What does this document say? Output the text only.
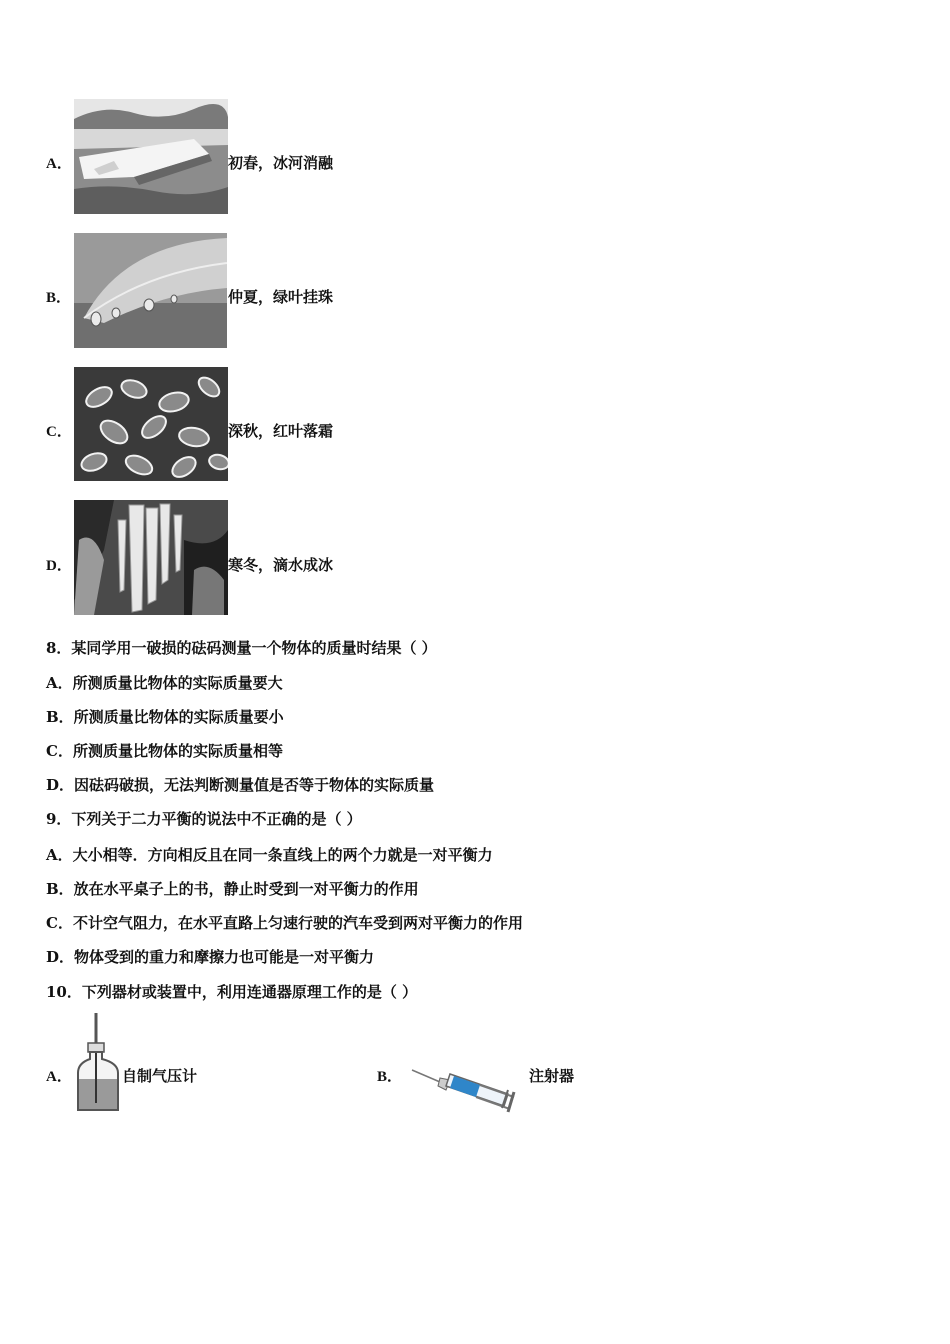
A．	初春，冰河消融
B．	仲夏，绿叶挂珠
C．	深秋，红叶落霜
D．	寒冬，滴水成冰
8．某同学用一破损的砝码测量一个物体的质量时结果（ ）
A．所测质量比物体的实际质量要大
B．所测质量比物体的实际质量要小
C．所测质量比物体的实际质量相等
D．因砝码破损，无法判断测量值是否等于物体的实际质量
9．下列关于二力平衡的说法中不正确的是（ ）
A．大小相等．方向相反且在同一条直线上的两个力就是一对平衡力
B．放在水平桌子上的书，静止时受到一对平衡力的作用
C．不计空气阻力，在水平直路上匀速行驶的汽车受到两对平衡力的作用
D．物体受到的重力和摩擦力也可能是一对平衡力
10．下列器材或装置中，利用连通器原理工作的是（ ）
A．	自制气压计	B．	注射器
